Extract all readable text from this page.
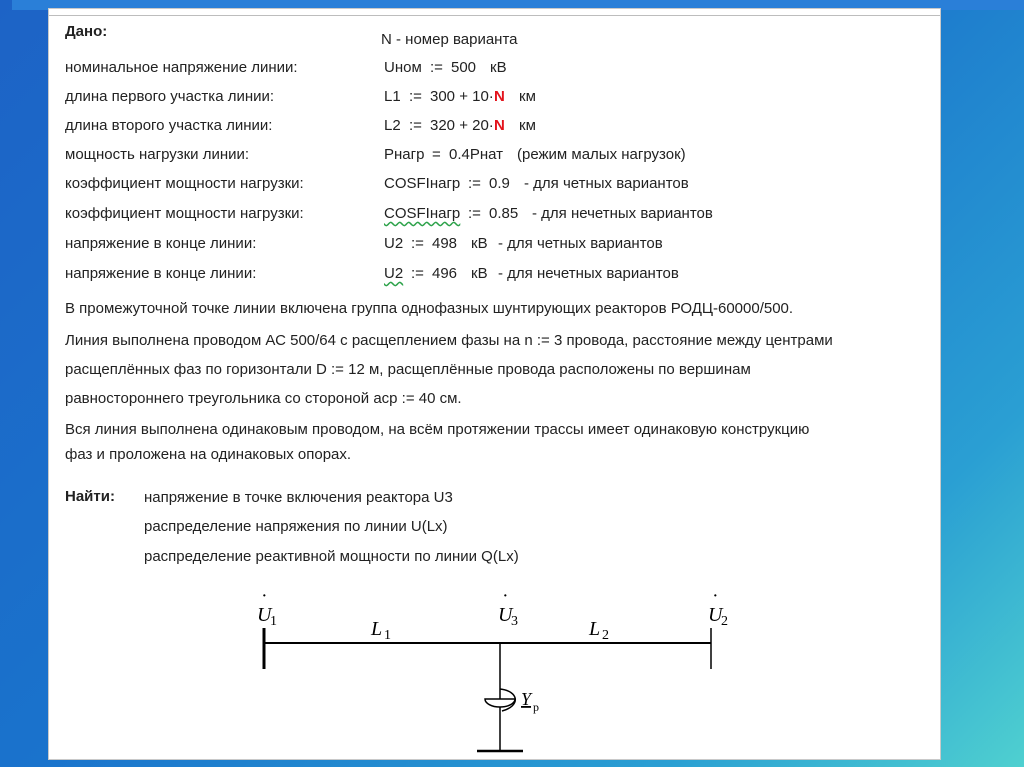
Дано:	N - номер варианта
номинальное напряжение линии:	Uном := 500 кВ
длина первого участка линии:	L1 := 300 + 10· N км
длина второго участка линии:	L2 := 320 + 20· N км
мощность нагрузки линии:	Pнагр = 0.4Pнат (режим малых нагрузок)
коэффициент мощности нагрузки:	COSFIнагр := 0.9 - для четных вариантов
коэффициент мощности нагрузки:	COSFIнагр := 0.85 - для нечетных вариантов
напряжение в конце линии:	U2 := 498 кВ - для четных вариантов
напряжение в конце линии:	U2 := 496 кВ - для нечетных вариантов
В промежуточной точке линии включена группа однофазных шунтирующих реакторов РОДЦ-60000/500.
Линия выполнена проводом АС 500/64 с расщеплением фазы на n := 3 провода, расстояние между центрами
расщеплённых фаз по горизонтали D := 12 м, расщеплённые провода расположены по вершинам
равностороннего треугольника со стороной acp := 40 см.
Вся линия выполнена одинаковым проводом, на всём протяжении трассы имеет одинаковую конструкцию
фаз и проложена на одинаковых опорах.
Найти: напряжение в точке включения реактора U3
распределение напряжения по линии U(Lx)
распределение реактивной мощности по линии Q(Lx)
·
U
1
·
U
3
·
U
2
L 1	L 2
Y p
